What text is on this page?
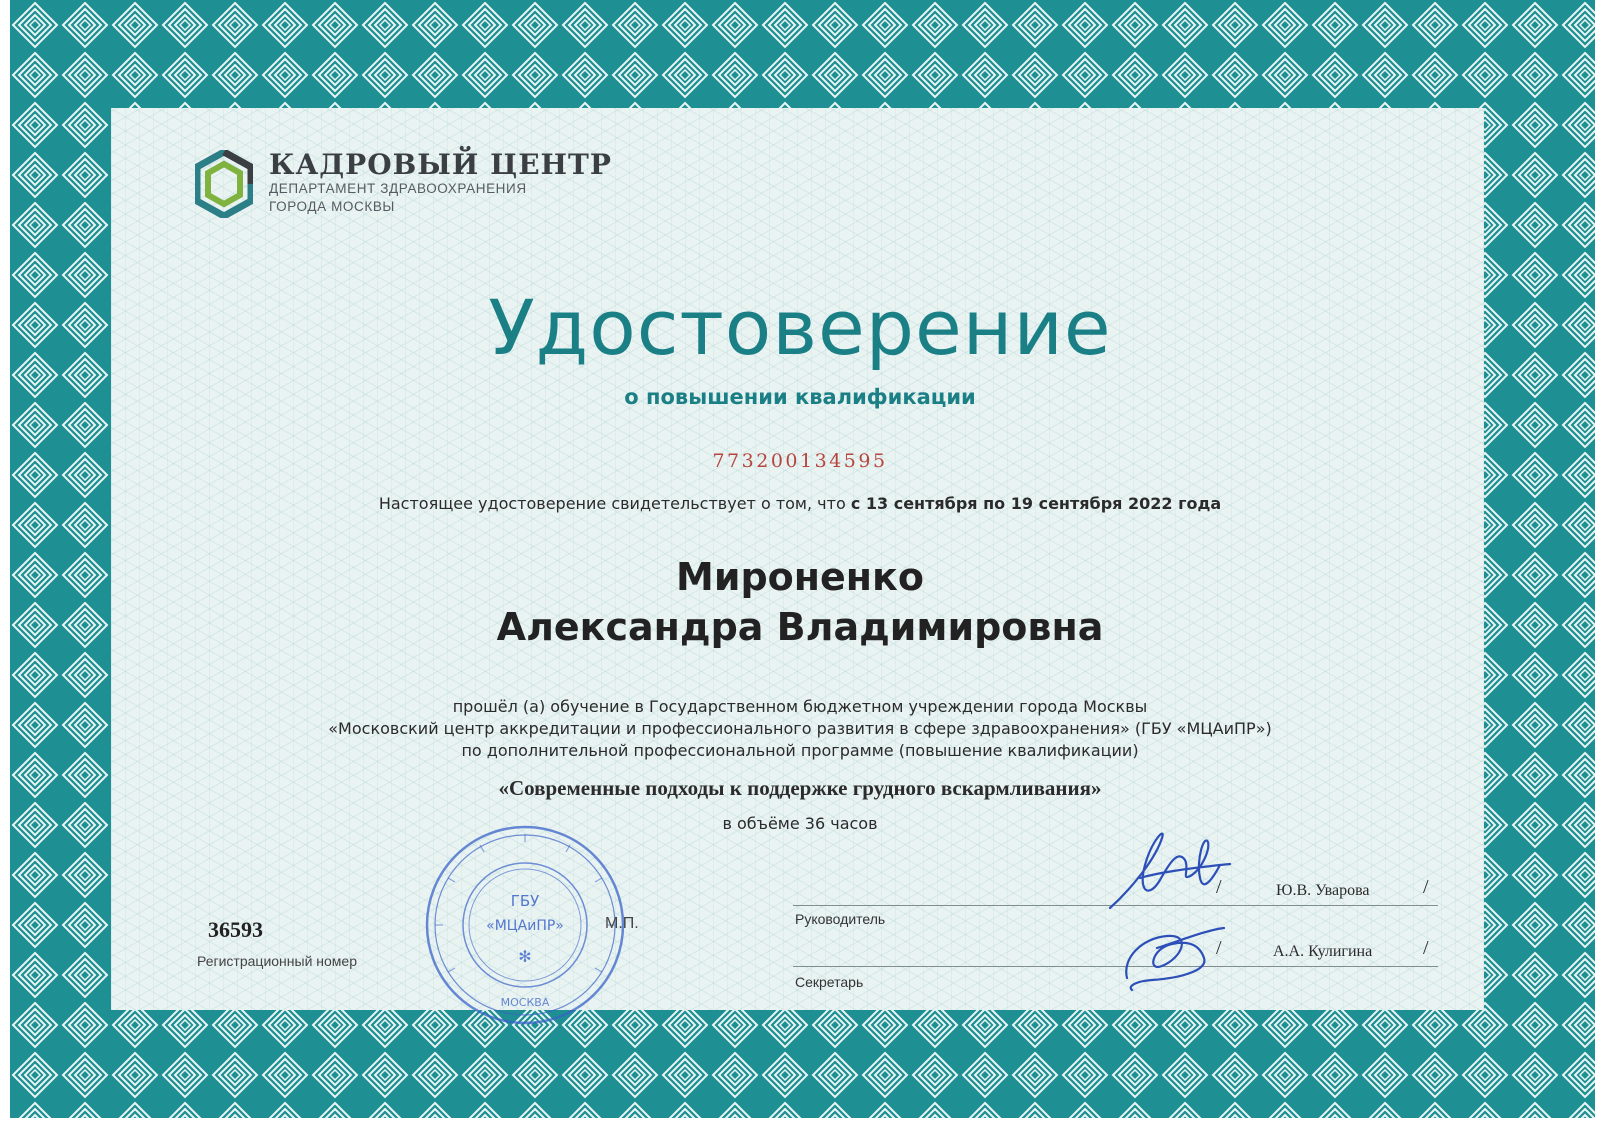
КАДРОВЫЙ ЦЕНТР
ДЕПАРТАМЕНТ ЗДРАВООХРАНЕНИЯ
ГОРОДА МОСКВЫ
Удостоверение
о повышении квалификации
773200134595
Настоящее удостоверение свидетельствует о том, что с 13 сентября по 19 сентября 2022 года
Мироненко
Александра Владимировна
прошёл (а) обучение в Государственном бюджетном учреждении города Москвы
«Московский центр аккредитации и профессионального развития в сфере здравоохранения» (ГБУ «МЦАиПР»)
по дополнительной профессиональной программе (повышение квалификации)
«Современные подходы к поддержке грудного вскармливания»
в объёме 36 часов
ГБУ
«МЦАиПР»
✻
МОСКВА
36593
Регистрационный номер
М.П.	Руководитель
/	Ю.В. Уварова	/
Секретарь
/	А.А. Кулигина	/
